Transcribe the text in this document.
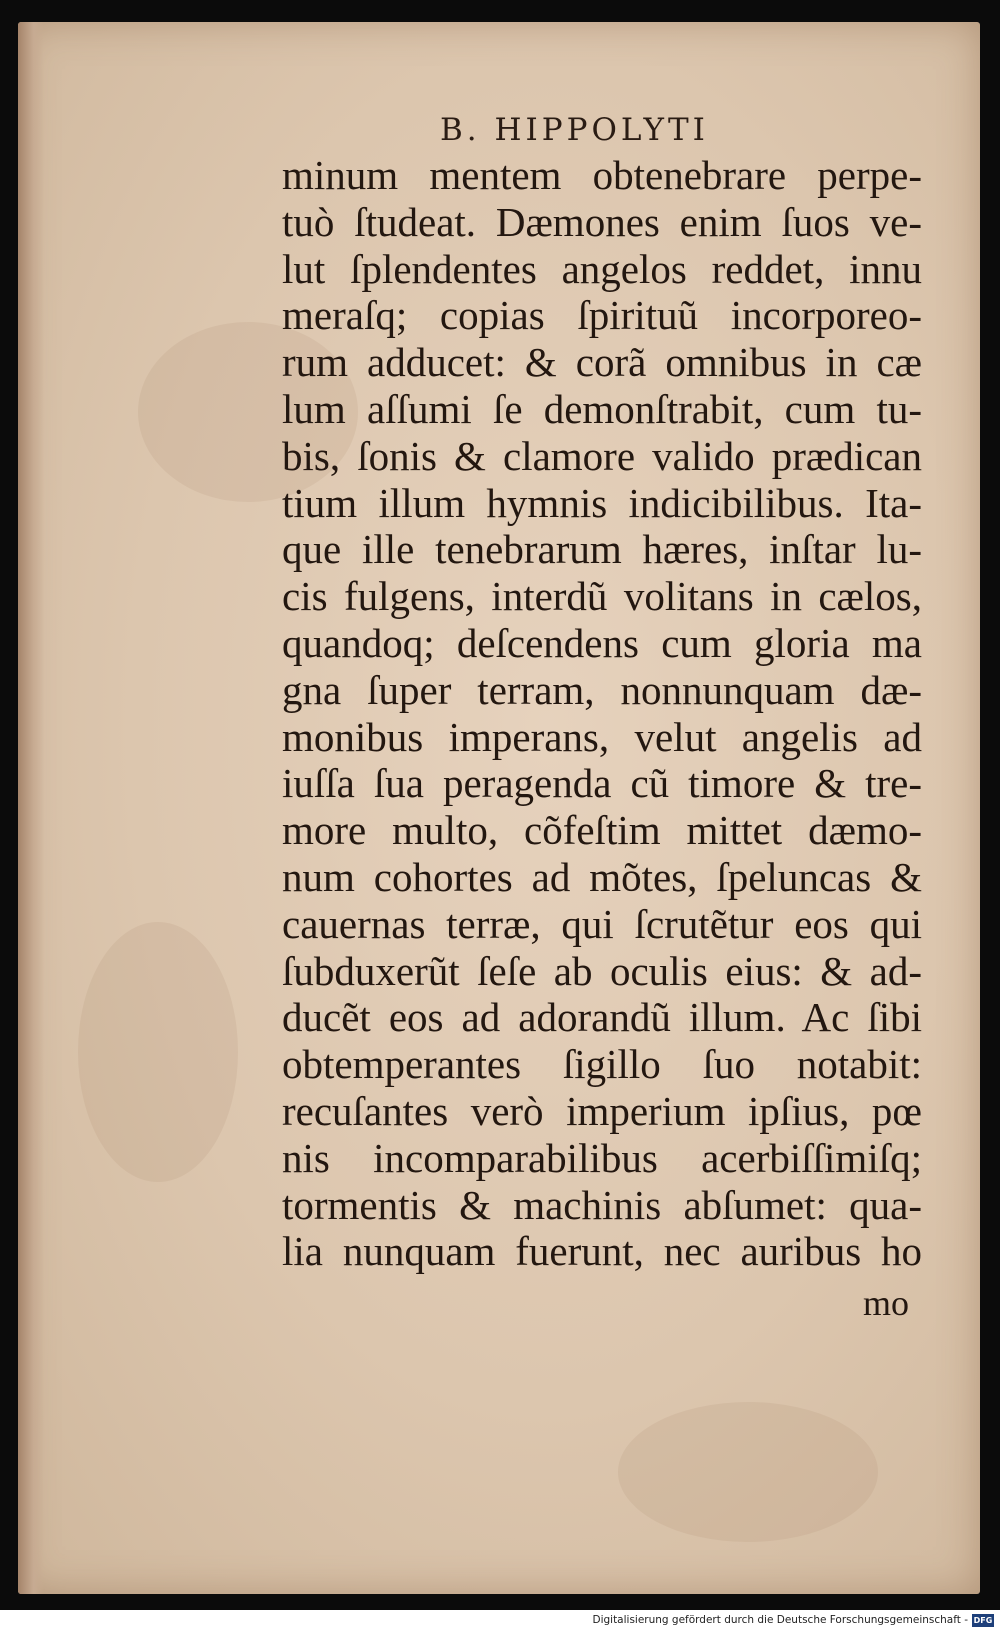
B. HIPPOLYTI
minum mentem obtenebrare perpe-
tuò ſtudeat. Dæmones enim ſuos ve-
lut ſplendentes angelos reddet, innu
meraſq; copias ſpirituũ incorporeo-
rum adducet: & corã omnibus in cæ
lum aſſumi ſe demonſtrabit, cum tu-
bis, ſonis & clamore valido prædican
tium illum hymnis indicibilibus. Ita-
que ille tenebrarum hæres, inſtar lu-
cis fulgens, interdũ volitans in cælos,
quandoq; deſcendens cum gloria ma
gna ſuper terram, nonnunquam dæ-
monibus imperans, velut angelis ad
iuſſa ſua peragenda cũ timore & tre-
more multo, cõfeſtim mittet dæmo-
num cohortes ad mõtes, ſpeluncas &
cauernas terræ, qui ſcrutẽtur eos qui
ſubduxerũt ſeſe ab oculis eius: & ad-
ducẽt eos ad adorandũ illum. Ac ſibi
obtemperantes ſigillo ſuo notabit:
recuſantes verò imperium ipſius, pœ
nis incomparabilibus acerbiſſimiſq;
tormentis & machinis abſumet: qua-
lia nunquam fuerunt, nec auribus ho
mo
Digitalisierung gefördert durch die Deutsche Forschungsgemeinschaft - DFG
